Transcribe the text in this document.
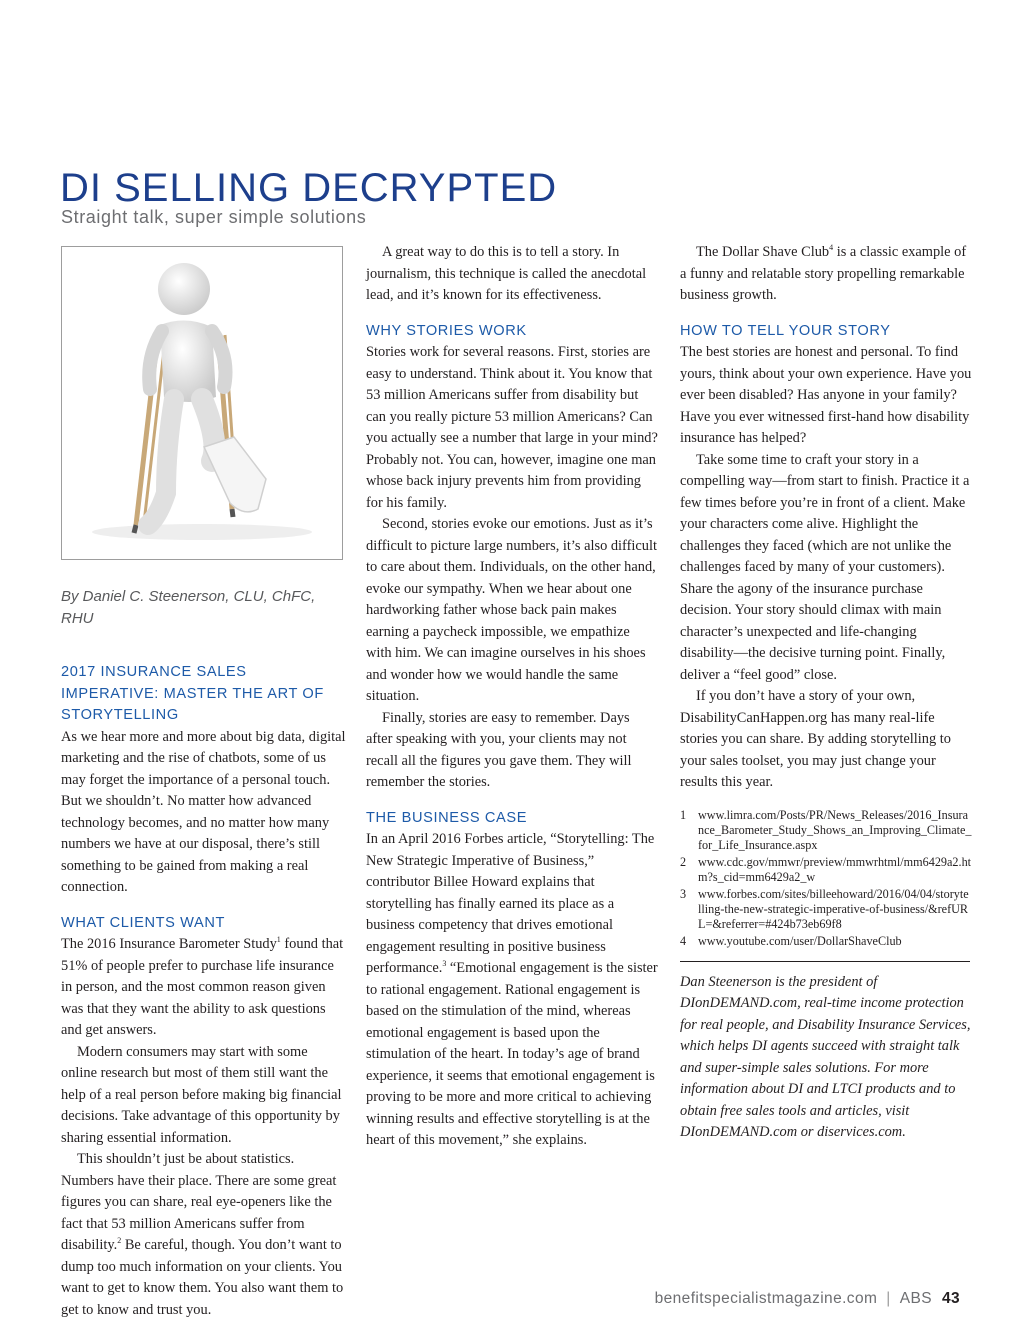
DI SELLING DECRYPTED
Straight talk, super simple solutions
By Daniel C. Steenerson, CLU, ChFC, RHU
2017 INSURANCE SALES IMPERATIVE: MASTER THE ART OF STORYTELLING

As we hear more and more about big data, digital marketing and the rise of chatbots, some of us may forget the importance of a personal touch. But we shouldn’t. No matter how advanced technology becomes, and no matter how many numbers we have at our disposal, there’s still something to be gained from making a real connection.

WHAT CLIENTS WANT

The 2016 Insurance Barometer Study$^1$ found that 51% of people prefer to purchase life insurance in person, and the most common reason given was that they want the ability to ask questions and get answers.

Modern consumers may start with some online research but most of them still want the help of a real person before making big financial decisions. Take advantage of this opportunity by sharing essential information.

This shouldn’t just be about statistics. Numbers have their place. There are some great figures you can share, real eye-openers like the fact that 53 million Americans suffer from disability.$^2$ Be careful, though. You don’t want to dump too much information on your clients. You want to get to know them. You also want them to get to know and trust you.

A great way to do this is to tell a story. In journalism, this technique is called the anecdotal lead, and it’s known for its effectiveness.

WHY STORIES WORK

Stories work for several reasons. First, stories are easy to understand. Think about it. You know that 53 million Americans suffer from disability but can you really picture 53 million Americans? Can you actually see a number that large in your mind? Probably not. You can, however, imagine one man whose back injury prevents him from providing for his family.

Second, stories evoke our emotions. Just as it’s difficult to picture large numbers, it’s also difficult to care about them. Individuals, on the other hand, evoke our sympathy. When we hear about one hardworking father whose back pain makes earning a paycheck impossible, we empathize with him. We can imagine ourselves in his shoes and wonder how we would handle the same situation.

Finally, stories are easy to remember. Days after speaking with you, your clients may not recall all the figures you gave them. They will remember the stories.

THE BUSINESS CASE

In an April 2016 Forbes article, “Storytelling: The New Strategic Imperative of Business,” contributor Billee Howard explains that storytelling has finally earned its place as a business competency that drives emotional engagement resulting in positive business performance.$^3$ “Emotional engagement is the sister to rational engagement. Rational engagement is based on the stimulation of the mind, whereas emotional engagement is based upon the stimulation of the heart. In today’s age of brand experience, it seems that emotional engagement is proving to be more and more critical to achieving winning results and effective storytelling is at the heart of this movement,” she explains.

The Dollar Shave Club$^4$ is a classic example of a funny and relatable story propelling remarkable business growth.

HOW TO TELL YOUR STORY

The best stories are honest and personal. To find yours, think about your own experience. Have you ever been disabled? Has anyone in your family? Have you ever witnessed first-hand how disability insurance has helped?

Take some time to craft your story in a compelling way—from start to finish. Practice it a few times before you’re in front of a client. Make your characters come alive. Highlight the challenges they faced (which are not unlike the challenges faced by many of your customers). Share the agony of the insurance purchase decision. Your story should climax with main character’s unexpected and life-changing disability—the decisive turning point. Finally, deliver a “feel good” close.

If you don’t have a story of your own, DisabilityCanHappen.org has many real-life stories you can share. By adding storytelling to your sales toolset, you may just change your results this year.

1 www.limra.com/Posts/PR/News_Releases/2016_Insurance_Barometer_Study_Shows_an_Improving_Climate_for_Life_Insurance.aspx
2 www.cdc.gov/mmwr/preview/mmwrhtml/mm6429a2.htm?s_cid=mm6429a2_w
3 www.forbes.com/sites/billeehoward/2016/04/04/storytelling-the-new-strategic-imperative-of-business/&refURL=&referrer=#424b73eb69f8
4 www.youtube.com/user/DollarShaveClub

Dan Steenerson is the president of DIonDEMAND.com, real-time income protection for real people, and Disability Insurance Services, which helps DI agents succeed with straight talk and super-simple sales solutions. For more information about DI and LTCI products and to obtain free sales tools and articles, visit DIonDEMAND.com or diservices.com.

benefitspecialistmagazine.com | ABS 43
